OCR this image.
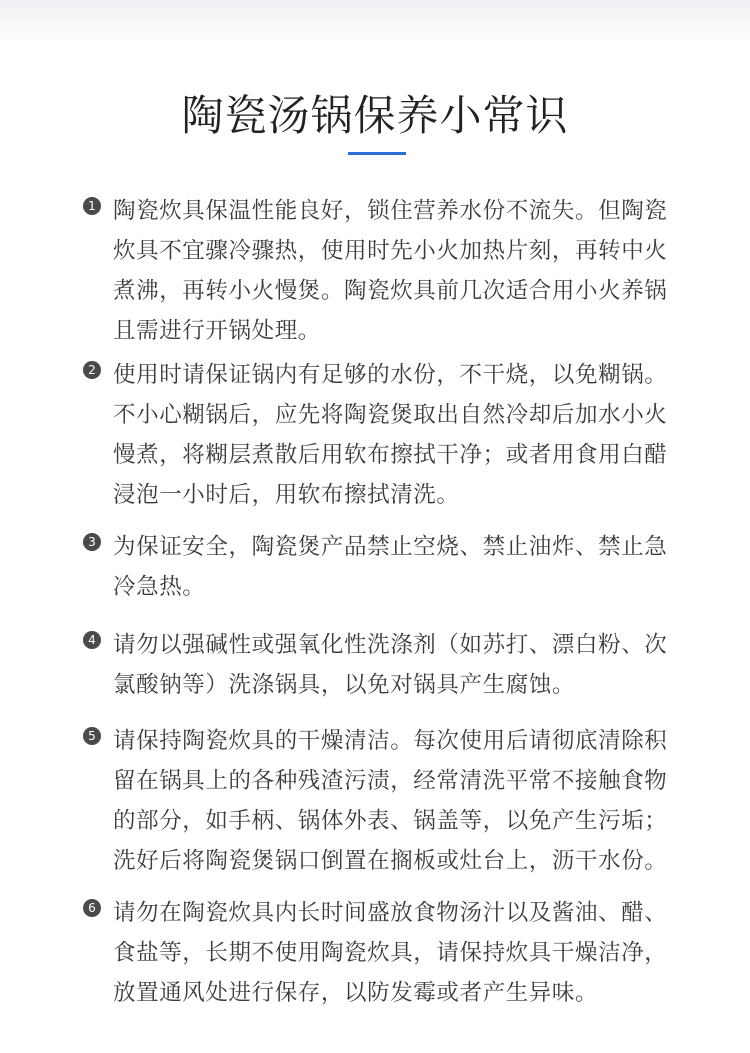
陶瓷汤锅保养小常识
1 陶瓷炊具保温性能良好，锁住营养水份不流失。但陶瓷炊具不宜骤冷骤热，使用时先小火加热片刻，再转中火煮沸，再转小火慢煲。陶瓷炊具前几次适合用小火养锅且需进行开锅处理。

2 使用时请保证锅内有足够的水份，不干烧，以免糊锅。不小心糊锅后，应先将陶瓷煲取出自然冷却后加水小火慢煮，将糊层煮散后用软布擦拭干净；或者用食用白醋浸泡一小时后，用软布擦拭清洗。

3 为保证安全，陶瓷煲产品禁止空烧、禁止油炸、禁止急冷急热。

4 请勿以强碱性或强氧化性洗涤剂（如苏打、漂白粉、次氯酸钠等）洗涤锅具，以免对锅具产生腐蚀。

5 请保持陶瓷炊具的干燥清洁。每次使用后请彻底清除积留在锅具上的各种残渣污渍，经常清洗平常不接触食物的部分，如手柄、锅体外表、锅盖等，以免产生污垢；洗好后将陶瓷煲锅口倒置在搁板或灶台上，沥干水份。

6 请勿在陶瓷炊具内长时间盛放食物汤汁以及酱油、醋、食盐等，长期不使用陶瓷炊具，请保持炊具干燥洁净，放置通风处进行保存，以防发霉或者产生异味。
